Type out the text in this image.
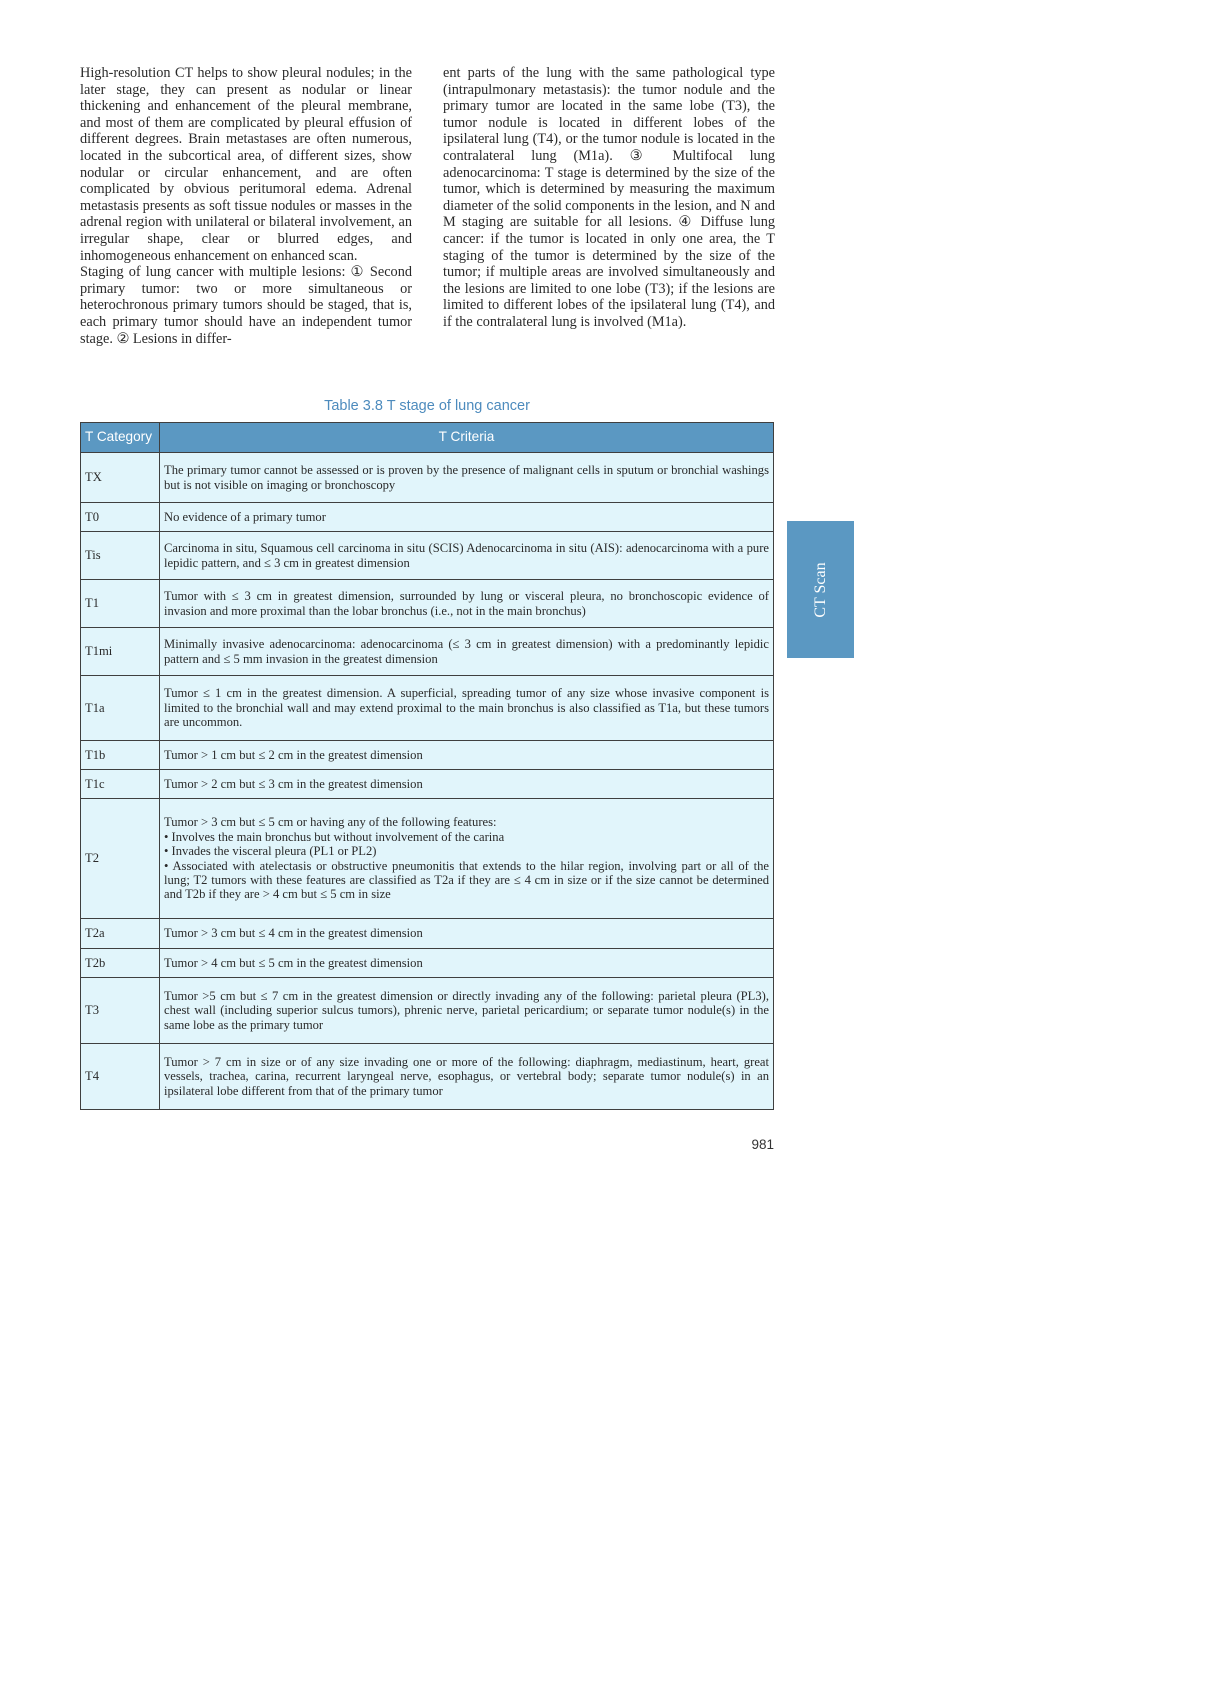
High-resolution CT helps to show pleural nodules; in the later stage, they can present as nodular or linear thickening and enhancement of the pleural membrane, and most of them are complicated by pleural effusion of different degrees. Brain metastases are often numerous, located in the subcortical area, of different sizes, show nodular or circular enhancement, and are often complicated by obvious peritumoral edema. Adrenal metastasis presents as soft tissue nodules or masses in the adrenal region with unilateral or bilateral involvement, an irregular shape, clear or blurred edges, and inhomogeneous enhancement on enhanced scan.

Staging of lung cancer with multiple lesions: ① Second primary tumor: two or more simultaneous or heterochronous primary tumors should be staged, that is, each primary tumor should have an independent tumor stage. ② Lesions in differ-

ent parts of the lung with the same pathological type (intrapulmonary metastasis): the tumor nodule and the primary tumor are located in the same lobe (T3), the tumor nodule is located in different lobes of the ipsilateral lung (T4), or the tumor nodule is located in the contralateral lung (M1a). ③ Multifocal lung adenocarcinoma: T stage is determined by the size of the tumor, which is determined by measuring the maximum diameter of the solid components in the lesion, and N and M staging are suitable for all lesions. ④ Diffuse lung cancer: if the tumor is located in only one area, the T staging of the tumor is determined by the size of the tumor; if multiple areas are involved simultaneously and the lesions are limited to one lobe (T3); if the lesions are limited to different lobes of the ipsilateral lung (T4), and if the contralateral lung is involved (M1a).

Table 3.8 T stage of lung cancer
T Category	T Criteria
TX	The primary tumor cannot be assessed or is proven by the presence of malignant cells in sputum or bronchial washings but is not visible on imaging or bronchoscopy
T0	No evidence of a primary tumor
Tis	Carcinoma in situ, Squamous cell carcinoma in situ (SCIS) Adenocarcinoma in situ (AIS): adenocarcinoma with a pure lepidic pattern, and ≤ 3 cm in greatest dimension
T1	Tumor with ≤ 3 cm in greatest dimension, surrounded by lung or visceral pleura, no bronchoscopic evidence of invasion and more proximal than the lobar bronchus (i.e., not in the main bronchus)
T1mi	Minimally invasive adenocarcinoma: adenocarcinoma (≤ 3 cm in greatest dimension) with a predominantly lepidic pattern and ≤ 5 mm invasion in the greatest dimension
T1a	Tumor ≤ 1 cm in the greatest dimension. A superficial, spreading tumor of any size whose invasive component is limited to the bronchial wall and may extend proximal to the main bronchus is also classified as T1a, but these tumors are uncommon.
T1b	Tumor > 1 cm but ≤ 2 cm in the greatest dimension
T1c	Tumor > 2 cm but ≤ 3 cm in the greatest dimension
T2	Tumor > 3 cm but ≤ 5 cm or having any of the following features:
• Involves the main bronchus but without involvement of the carina
• Invades the visceral pleura (PL1 or PL2)
• Associated with atelectasis or obstructive pneumonitis that extends to the hilar region, involving part or all of the lung; T2 tumors with these features are classified as T2a if they are ≤ 4 cm in size or if the size cannot be determined and T2b if they are > 4 cm but ≤ 5 cm in size

T2a	Tumor > 3 cm but ≤ 4 cm in the greatest dimension
T2b	Tumor > 4 cm but ≤ 5 cm in the greatest dimension
T3	Tumor >5 cm but ≤ 7 cm in the greatest dimension or directly invading any of the following: parietal pleura (PL3), chest wall (including superior sulcus tumors), phrenic nerve, parietal pericardium; or separate tumor nodule(s) in the same lobe as the primary tumor
T4	Tumor > 7 cm in size or of any size invading one or more of the following: diaphragm, mediastinum, heart, great vessels, trachea, carina, recurrent laryngeal nerve, esophagus, or vertebral body; separate tumor nodule(s) in an ipsilateral lobe different from that of the primary tumor
CT Scan
981
